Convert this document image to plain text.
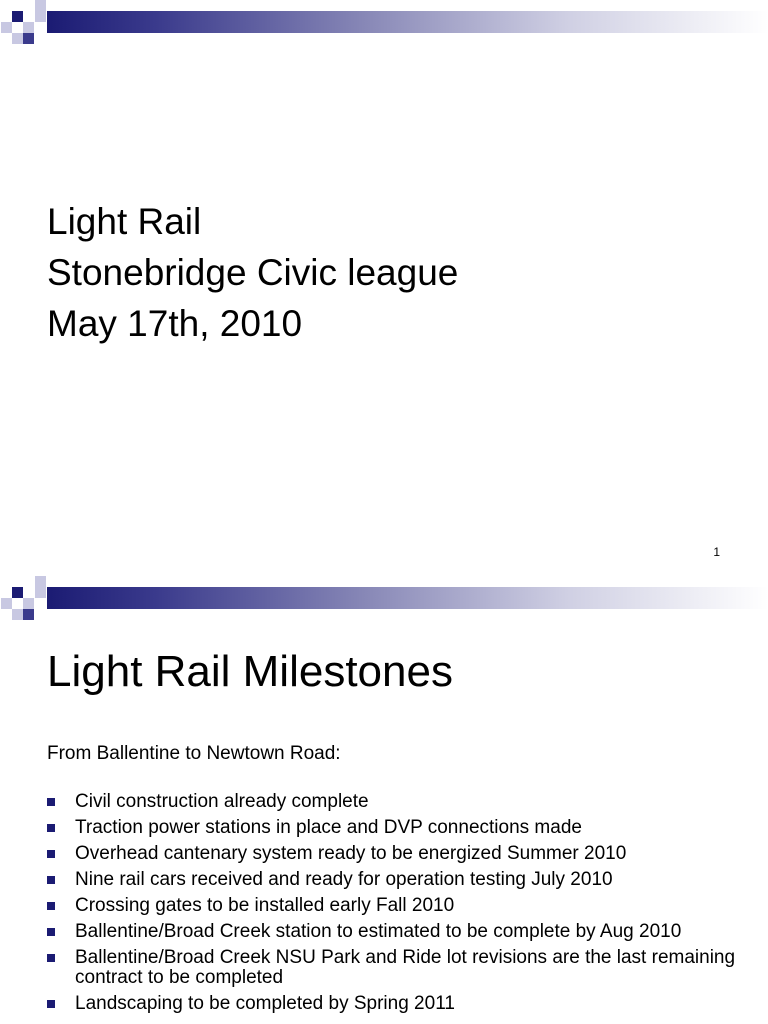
Light Rail
Stonebridge Civic league
May 17th, 2010
1
Light Rail Milestones
From Ballentine to Newtown Road:
Civil construction already complete
Traction power stations in place and DVP connections made
Overhead cantenary system ready to be energized Summer 2010
Nine rail cars received and ready for operation testing July 2010
Crossing gates to be installed early Fall 2010
Ballentine/Broad Creek station to estimated to be complete by Aug 2010
Ballentine/Broad Creek NSU Park and Ride lot revisions are the last remaining contract to be completed
Landscaping to be completed by Spring 2011
